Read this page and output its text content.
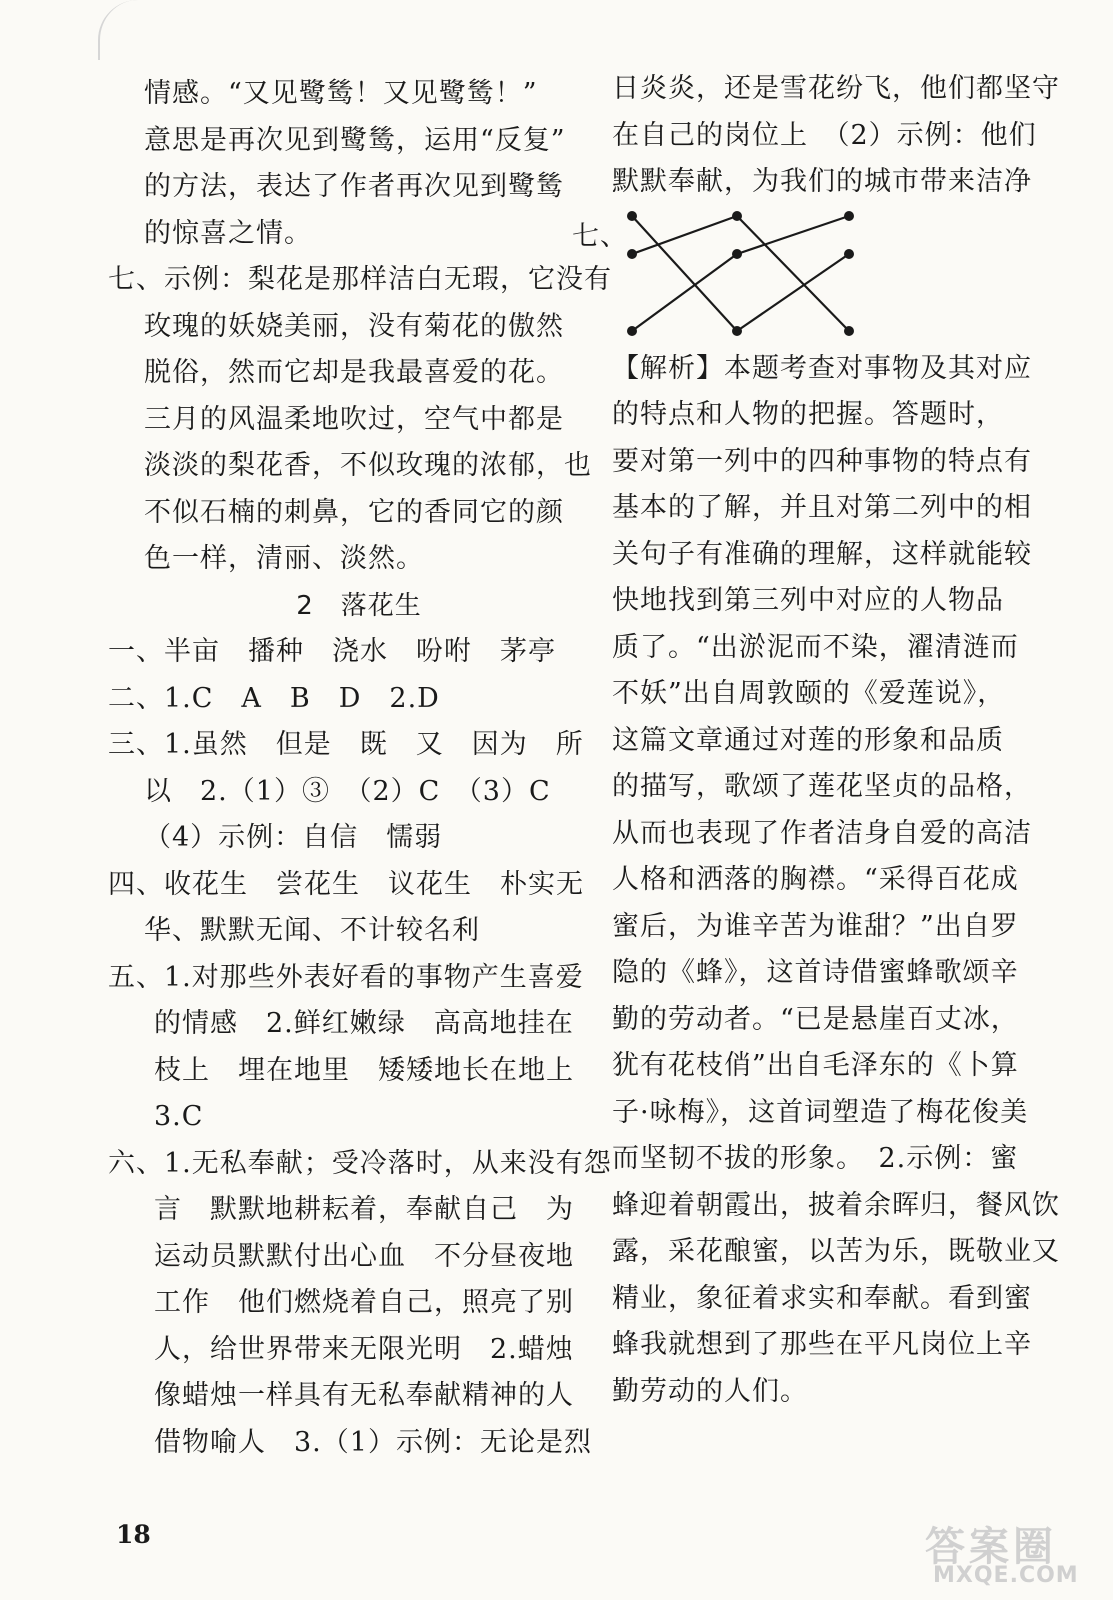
情感。“又见鹭鸶！又见鹭鸶！”
意思是再次见到鹭鸶，运用“反复”
的方法，表达了作者再次见到鹭鸶
的惊喜之情。
七、示例：梨花是那样洁白无瑕，它没有
玫瑰的妖娆美丽，没有菊花的傲然
脱俗，然而它却是我最喜爱的花。
三月的风温柔地吹过，空气中都是
淡淡的梨花香，不似玫瑰的浓郁，也
不似石楠的刺鼻，它的香同它的颜
色一样，清丽、淡然。
2　落花生
一、半亩　播种　浇水　吩咐　茅亭
二、1.C　A　B　D　2.D
三、1.虽然　但是　既　又　因为　所
以　2.（1）③　（2）C　（3）C
（4）示例：自信　懦弱
四、收花生　尝花生　议花生　朴实无
华、默默无闻、不计较名利
五、1.对那些外表好看的事物产生喜爱
的情感　2.鲜红嫩绿　高高地挂在
枝上　埋在地里　矮矮地长在地上
3.C
六、1.无私奉献；受冷落时，从来没有怨
言　默默地耕耘着，奉献自己　为
运动员默默付出心血　不分昼夜地
工作　他们燃烧着自己，照亮了别
人，给世界带来无限光明　2.蜡烛
像蜡烛一样具有无私奉献精神的人
借物喻人　3.（1）示例：无论是烈
日炎炎，还是雪花纷飞，他们都坚守
在自己的岗位上　（2）示例：他们
默默奉献，为我们的城市带来洁净
七、
【解析】本题考查对事物及其对应
的特点和人物的把握。答题时，
要对第一列中的四种事物的特点有
基本的了解，并且对第二列中的相
关句子有准确的理解，这样就能较
快地找到第三列中对应的人物品
质了。“出淤泥而不染，濯清涟而
不妖”出自周敦颐的《爱莲说》，
这篇文章通过对莲的形象和品质
的描写，歌颂了莲花坚贞的品格，
从而也表现了作者洁身自爱的高洁
人格和洒落的胸襟。“采得百花成
蜜后，为谁辛苦为谁甜？”出自罗
隐的《蜂》，这首诗借蜜蜂歌颂辛
勤的劳动者。“已是悬崖百丈冰，
犹有花枝俏”出自毛泽东的《卜算
子·咏梅》，这首词塑造了梅花俊美
而坚韧不拔的形象。　2.示例：蜜
蜂迎着朝霞出，披着余晖归，餐风饮
露，采花酿蜜，以苦为乐，既敬业又
精业，象征着求实和奉献。看到蜜
蜂我就想到了那些在平凡岗位上辛
勤劳动的人们。
18	答案圈
MXQE.COM
